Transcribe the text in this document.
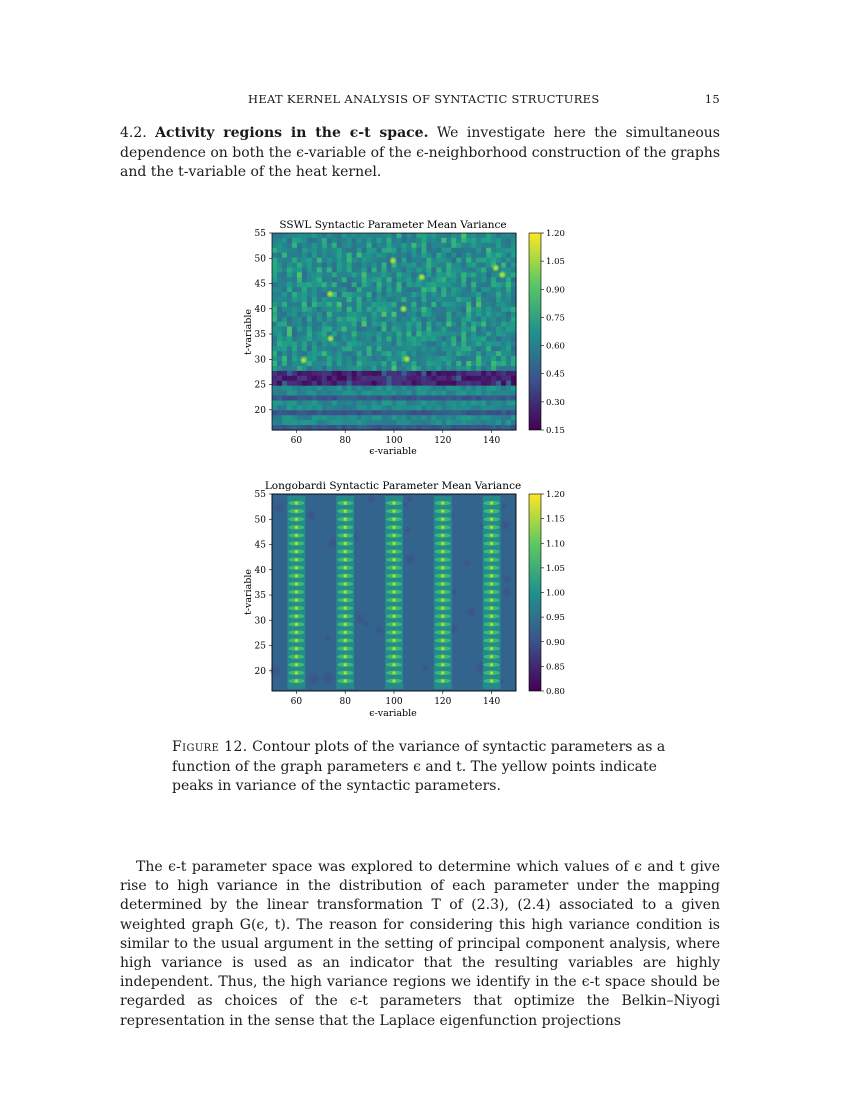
HEAT KERNEL ANALYSIS OF SYNTACTIC STRUCTURES	15
4.2. Activity regions in the ϵ-t space. We investigate here the simultaneous dependence on both the ϵ-variable of the ϵ-neighborhood construction of the graphs and the t-variable of the heat kernel.
SSWL Syntactic Parameter Mean Variance
60	80	100	120	140
20
25
30
35
40
45
50
55
ϵ-variable
t-variable
0.15
0.30
0.45
0.60
0.75
0.90
1.05
1.20
Longobardi Syntactic Parameter Mean Variance
60	80	100	120	140
20
25
30
35
40
45
50
55
ϵ-variable
t-variable
0.80
0.85
0.90
0.95
1.00
1.05
1.10
1.15
1.20
Figure 12. Contour plots of the variance of syntactic parameters as a function of the graph parameters ϵ and t. The yellow points indicate peaks in variance of the syntactic parameters.
The ϵ-t parameter space was explored to determine which values of ϵ and t give rise to high variance in the distribution of each parameter under the mapping determined by the linear transformation T of (2.3), (2.4) associated to a given weighted graph G(ϵ, t). The reason for considering this high variance condition is similar to the usual argument in the setting of principal component analysis, where high variance is used as an indicator that the resulting variables are highly independent. Thus, the high variance regions we identify in the ϵ-t space should be regarded as choices of the ϵ-t parameters that optimize the Belkin–Niyogi representation in the sense that the Laplace eigenfunction projections
